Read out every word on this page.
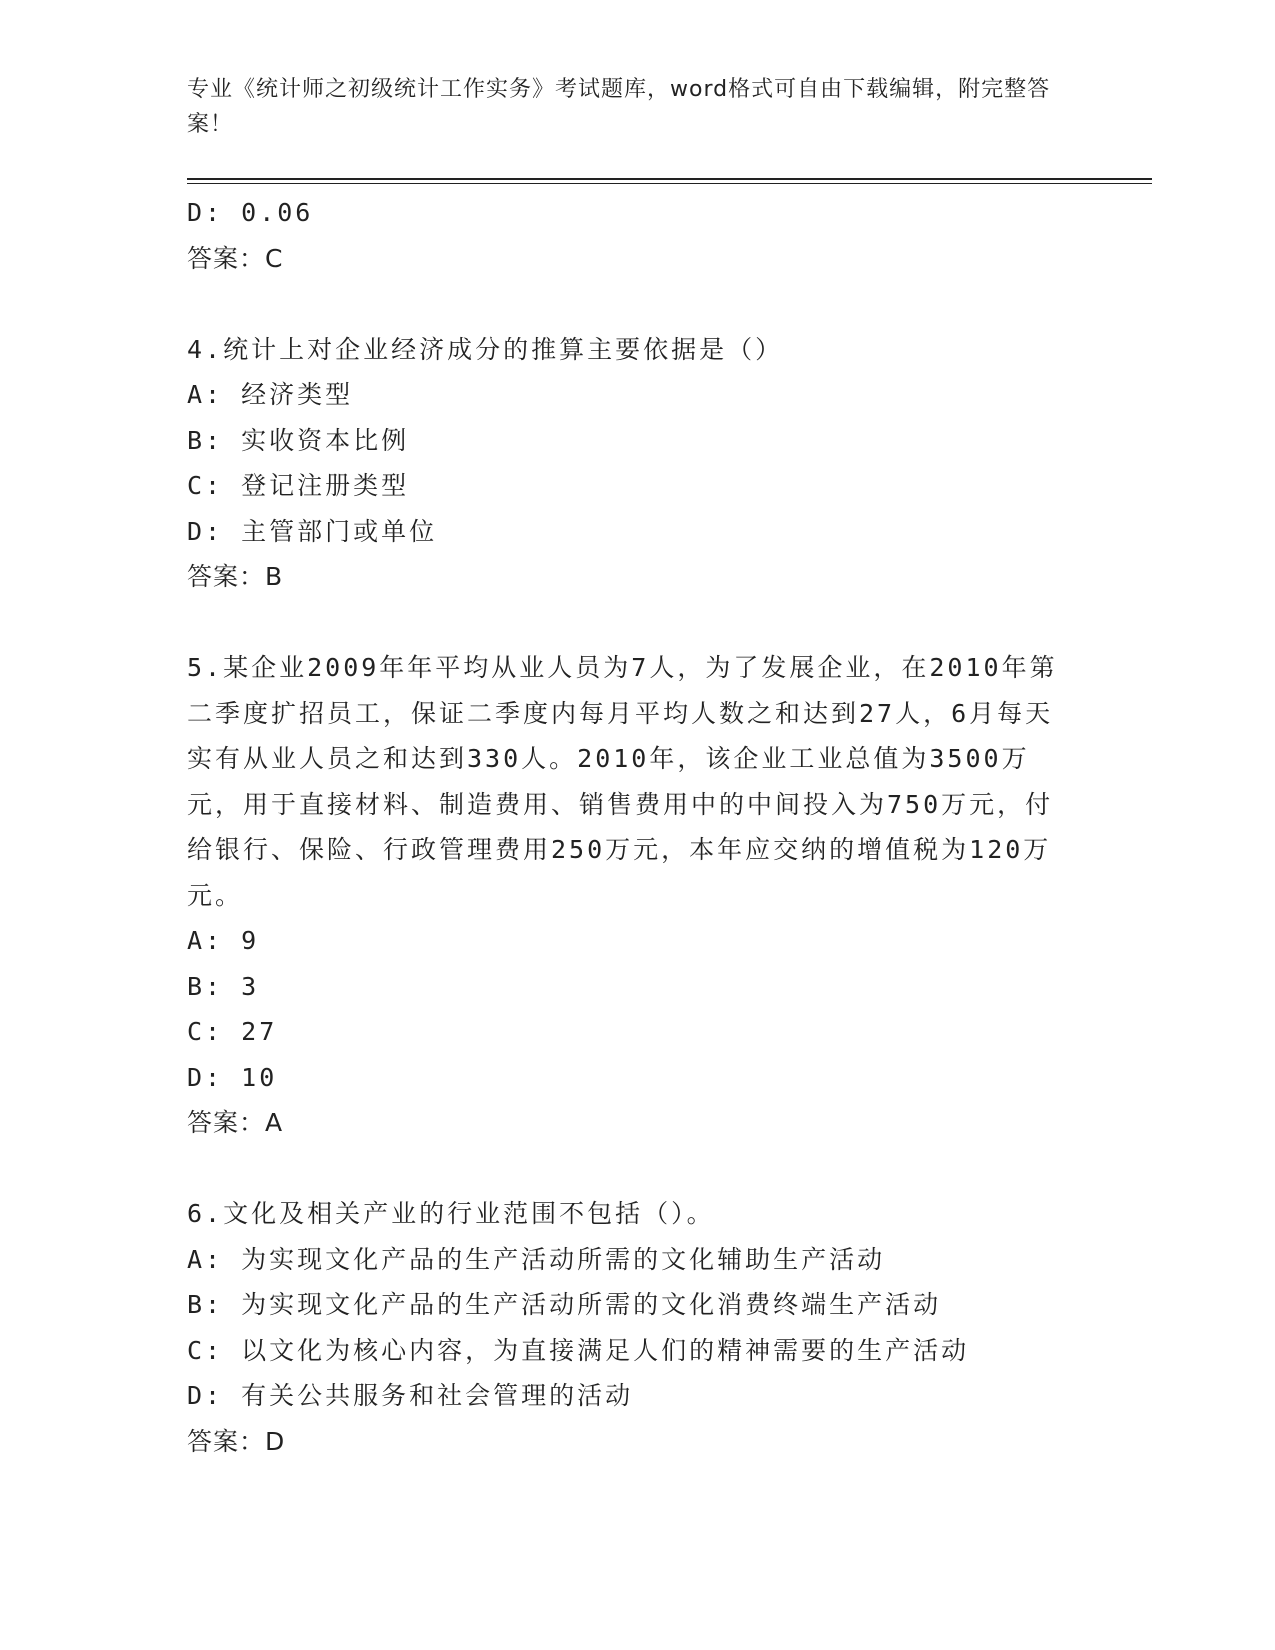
专业《统计师之初级统计工作实务》考试题库，word格式可自由下载编辑，附完整答案！
D: 0.06
答案：C
4.统计上对企业经济成分的推算主要依据是（）
A: 经济类型
B: 实收资本比例
C: 登记注册类型
D: 主管部门或单位
答案：B
5.某企业2009年年平均从业人员为7人，为了发展企业，在2010年第二季度扩招员工，保证二季度内每月平均人数之和达到27人，6月每天实有从业人员之和达到330人。2010年，该企业工业总值为3500万元，用于直接材料、制造费用、销售费用中的中间投入为750万元，付给银行、保险、行政管理费用250万元，本年应交纳的增值税为120万元。
A: 9
B: 3
C: 27
D: 10
答案：A
6.文化及相关产业的行业范围不包括（）。
A: 为实现文化产品的生产活动所需的文化辅助生产活动
B: 为实现文化产品的生产活动所需的文化消费终端生产活动
C: 以文化为核心内容，为直接满足人们的精神需要的生产活动
D: 有关公共服务和社会管理的活动
答案：D
